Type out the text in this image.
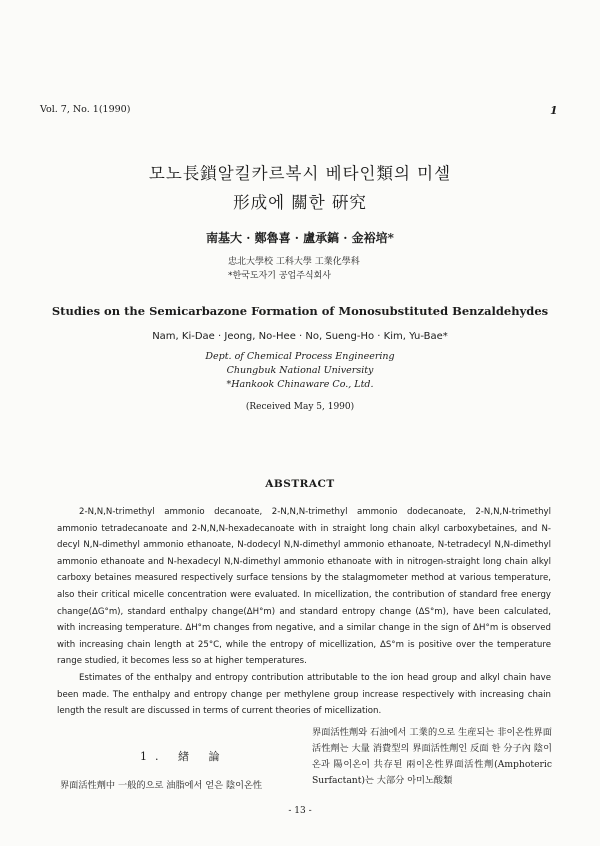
Vol. 7, No. 1(1990)	1
모노長鎖알킬카르복시 베타인類의 미셀
形成에 關한 硏究
南基大 · 鄭魯喜 · 盧承鎬 · 金裕培*
忠北大學校 工科大學 工業化學科
*한국도자기 공업주식회사
Studies on the Semicarbazone Formation of Monosubstituted Benzaldehydes
Nam, Ki-Dae · Jeong, No-Hee · No, Sueng-Ho · Kim, Yu-Bae*
Dept. of Chemical Process Engineering
Chungbuk National University
*Hankook Chinaware Co., Ltd.
(Received May 5, 1990)
ABSTRACT

2-N,N,N-trimethyl ammonio decanoate, 2-N,N,N-trimethyl ammonio dodecanoate, 2-N,N,N-trimethyl ammonio tetradecanoate and 2-N,N,N-hexadecanoate with in straight long chain alkyl carboxybetaines, and N-decyl N,N-dimethyl ammonio ethanoate, N-dodecyl N,N-dimethyl ammonio ethanoate, N-tetradecyl N,N-dimethyl ammonio ethanoate and N-hexadecyl N,N-dimethyl ammonio ethanoate with in nitrogen-straight long chain alkyl carboxy betaines measured respectively surface tensions by the stalagmometer method at various temperature, also their critical micelle concentration were evaluated. In micellization, the contribution of standard free energy change(ΔG°m), standard enthalpy change(ΔH°m) and standard entropy change (ΔS°m), have been calculated, with increasing temperature. ΔH°m changes from negative, and a similar change in the sign of ΔH°m is observed with increasing chain length at 25°C, while the entropy of micellization, ΔS°m is positive over the temperature range studied, it becomes less so at higher temperatures.

Estimates of the enthalpy and entropy contribution attributable to the ion head group and alkyl chain have been made. The enthalpy and entropy change per methylene group increase respectively with increasing chain length the result are discussed in terms of current theories of micellization.

1. 緖 論
界面活性劑中 一般的으로 油脂에서 얻은 陰이온性
界面活性劑와 石油에서 工業的으로 生産되는 非이온性界面活性劑는 大量 消費型의 界面活性劑인 反面 한 分子內 陰이온과 陽이온이 共存된 兩이온性界面活性劑(Amphoteric Surfactant)는 大部分 아미노酸類
- 13 -
